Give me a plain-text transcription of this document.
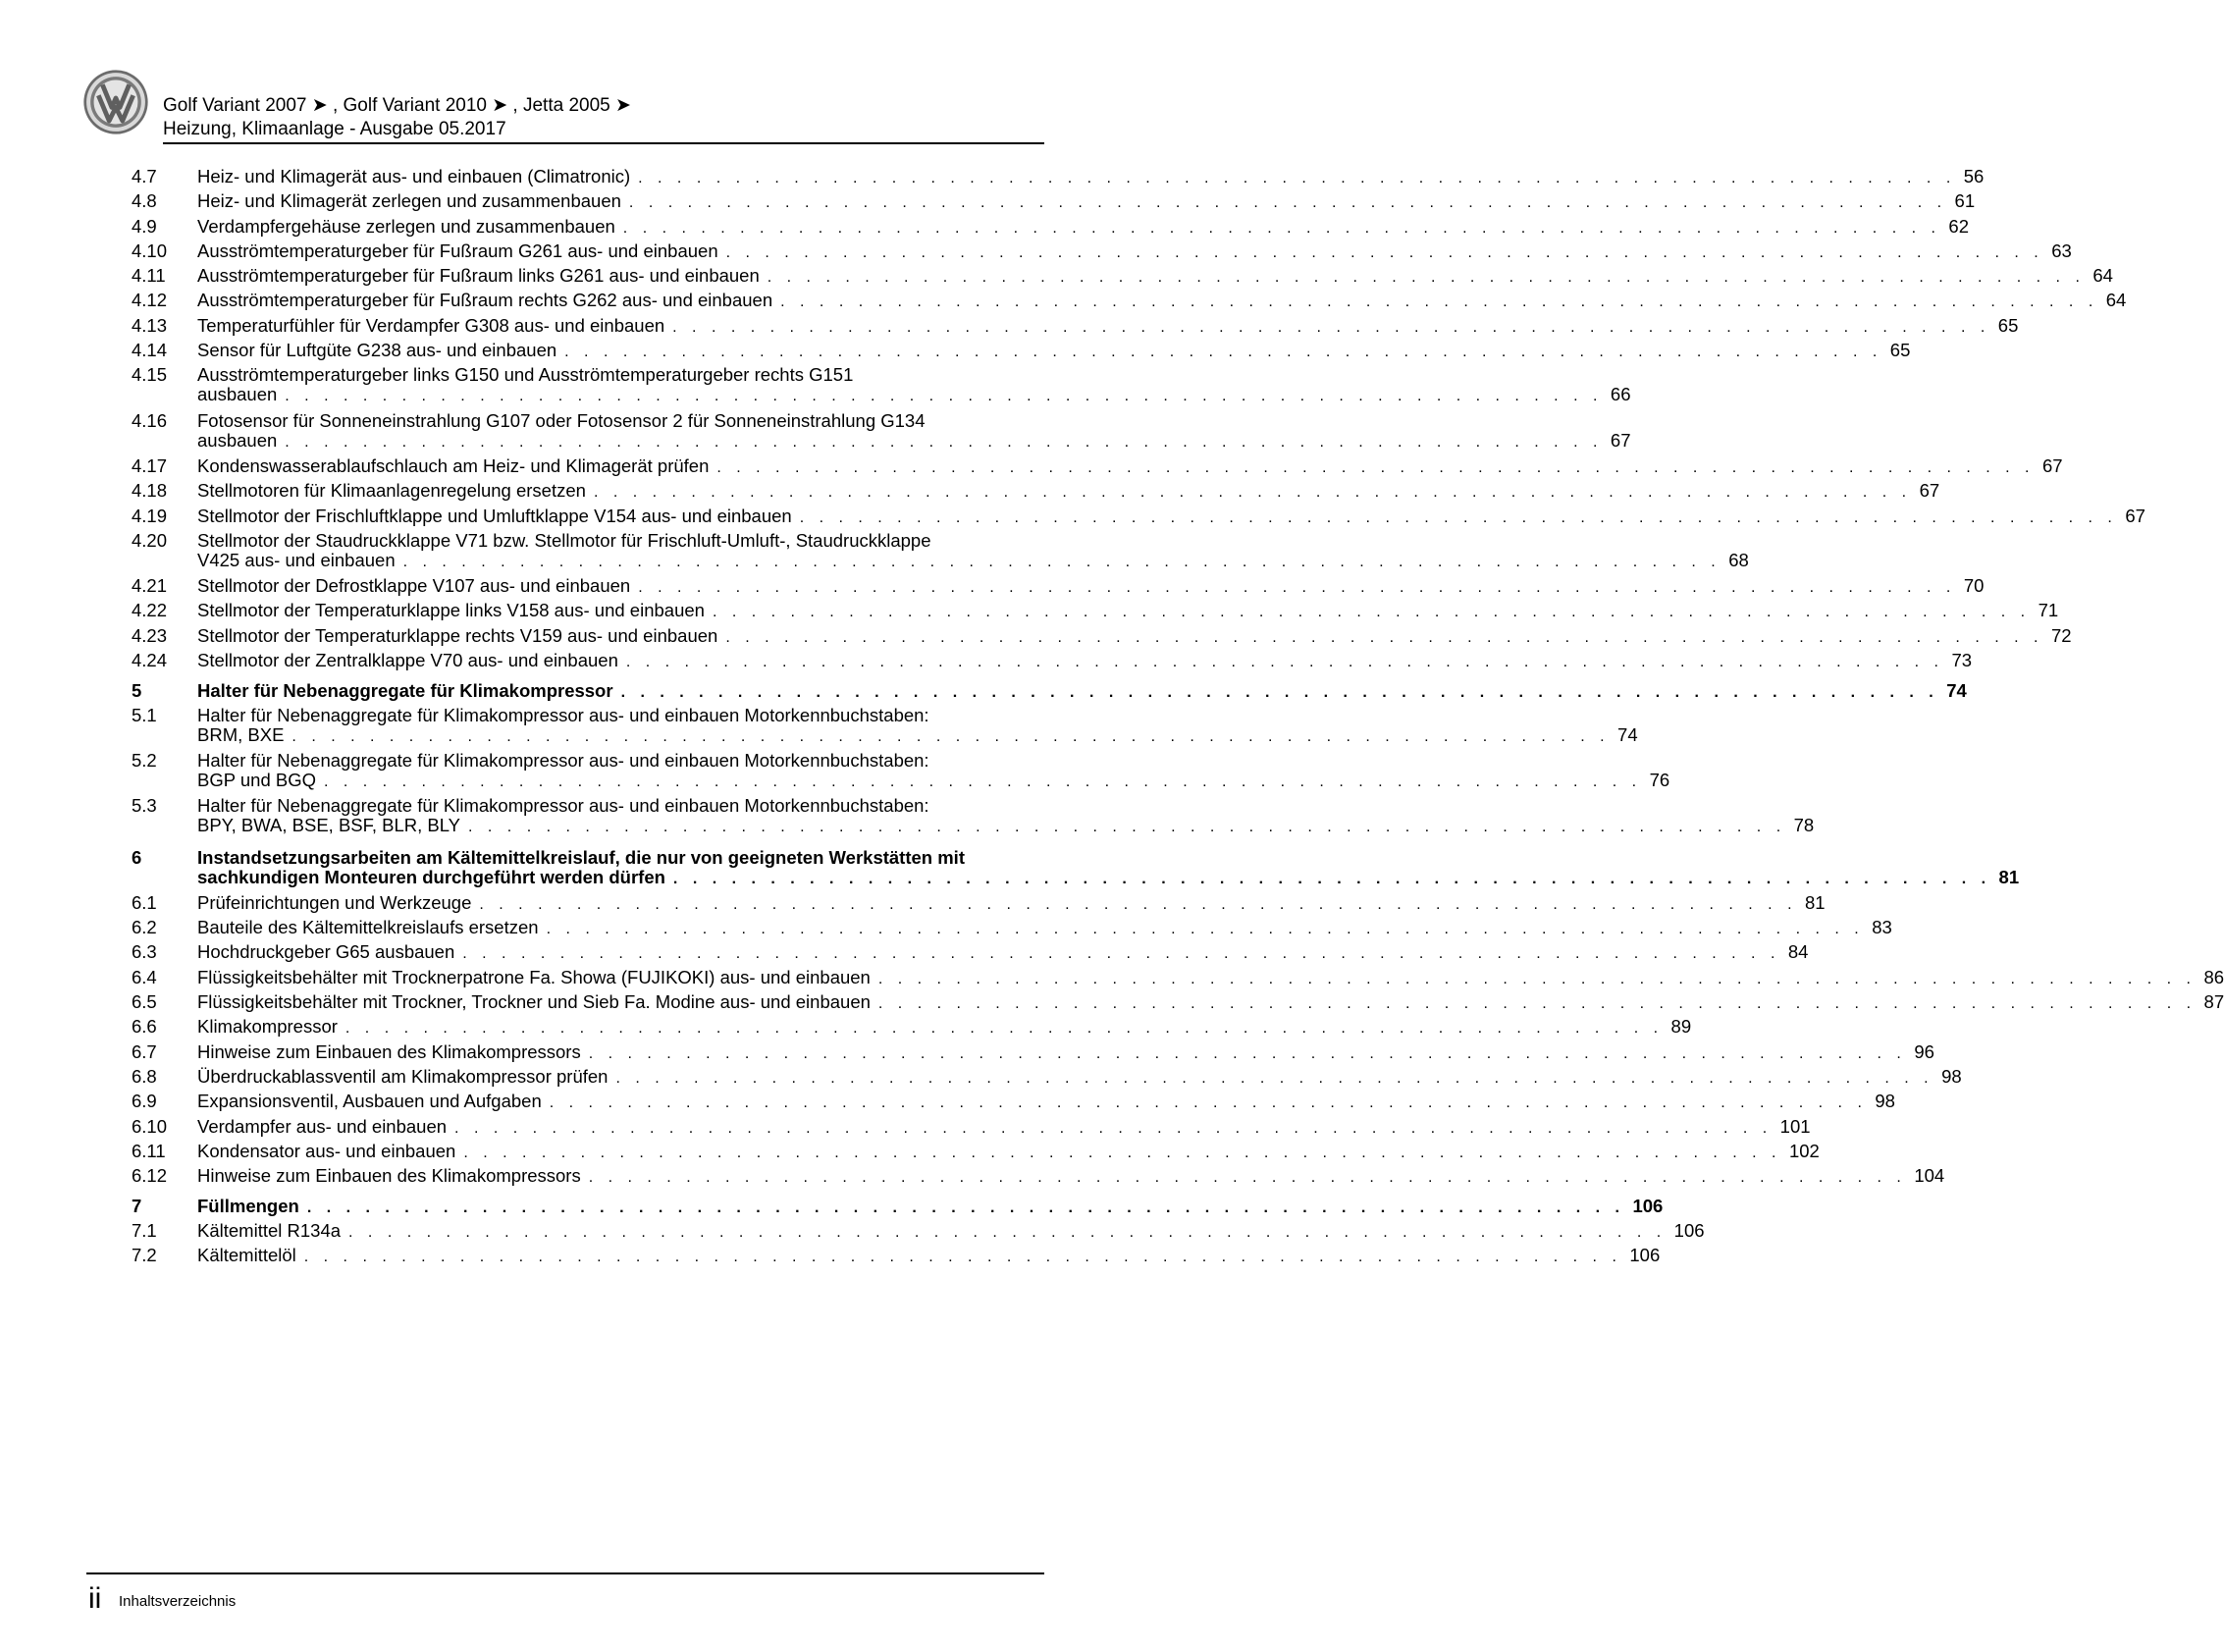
Golf Variant 2007 ➤ , Golf Variant 2010 ➤ , Jetta 2005 ➤
Heizung, Klimaanlage - Ausgabe 05.2017
4.7 Heiz- und Klimagerät aus- und einbauen (Climatronic) . . . . . . . . . . . . . . . . . . . . . . . . . . . . . . . . . . . . . . . . . . . . . . . . . . . . . . . . . . . . . . . . . . . . 56
4.8 Heiz- und Klimagerät zerlegen und zusammenbauen . . . . . . . . . . . . . . . . . . . . . . . . . . . . . . . . . . . . . . . . . . . . . . . . . . . . . . . . . . . . . . . . . . . . 61
4.9 Verdampfergehäuse zerlegen und zusammenbauen . . . . . . . . . . . . . . . . . . . . . . . . . . . . . . . . . . . . . . . . . . . . . . . . . . . . . . . . . . . . . . . . . . . . 62
4.10 Ausströmtemperaturgeber für Fußraum G261 aus- und einbauen . . . . . . . . . . . . . . . . . . . . . . . . . . . . . . . . . . . . . . . . . . . . . . . . . . . . . . . . . . . . . . . . . . . . 63
4.11 Ausströmtemperaturgeber für Fußraum links G261 aus- und einbauen . . . . . . . . . . . . . . . . . . . . . . . . . . . . . . . . . . . . . . . . . . . . . . . . . . . . . . . . . . . . . . . . . . . . 64
4.12 Ausströmtemperaturgeber für Fußraum rechts G262 aus- und einbauen . . . . . . . . . . . . . . . . . . . . . . . . . . . . . . . . . . . . . . . . . . . . . . . . . . . . . . . . . . . . . . . . . . . . 64
4.13 Temperaturfühler für Verdampfer G308 aus- und einbauen . . . . . . . . . . . . . . . . . . . . . . . . . . . . . . . . . . . . . . . . . . . . . . . . . . . . . . . . . . . . . . . . . . . . 65
4.14 Sensor für Luftgüte G238 aus- und einbauen . . . . . . . . . . . . . . . . . . . . . . . . . . . . . . . . . . . . . . . . . . . . . . . . . . . . . . . . . . . . . . . . . . . . 65
4.15 Ausströmtemperaturgeber links G150 und Ausströmtemperaturgeber rechts G151
ausbauen . . . . . . . . . . . . . . . . . . . . . . . . . . . . . . . . . . . . . . . . . . . . . . . . . . . . . . . . . . . . . . . . . . . . 66
4.16 Fotosensor für Sonneneinstrahlung G107 oder Fotosensor 2 für Sonneneinstrahlung G134
ausbauen . . . . . . . . . . . . . . . . . . . . . . . . . . . . . . . . . . . . . . . . . . . . . . . . . . . . . . . . . . . . . . . . . . . . 67
4.17 Kondenswasserablaufschlauch am Heiz- und Klimagerät prüfen . . . . . . . . . . . . . . . . . . . . . . . . . . . . . . . . . . . . . . . . . . . . . . . . . . . . . . . . . . . . . . . . . . . . 67
4.18 Stellmotoren für Klimaanlagenregelung ersetzen . . . . . . . . . . . . . . . . . . . . . . . . . . . . . . . . . . . . . . . . . . . . . . . . . . . . . . . . . . . . . . . . . . . . 67
4.19 Stellmotor der Frischluftklappe und Umluftklappe V154 aus- und einbauen . . . . . . . . . . . . . . . . . . . . . . . . . . . . . . . . . . . . . . . . . . . . . . . . . . . . . . . . . . . . . . . . . . . . 67
4.20 Stellmotor der Staudruckklappe V71 bzw. Stellmotor für Frischluft-Umluft-, Staudruckklappe
V425 aus- und einbauen . . . . . . . . . . . . . . . . . . . . . . . . . . . . . . . . . . . . . . . . . . . . . . . . . . . . . . . . . . . . . . . . . . . . 68
4.21 Stellmotor der Defrostklappe V107 aus- und einbauen . . . . . . . . . . . . . . . . . . . . . . . . . . . . . . . . . . . . . . . . . . . . . . . . . . . . . . . . . . . . . . . . . . . . 70
4.22 Stellmotor der Temperaturklappe links V158 aus- und einbauen . . . . . . . . . . . . . . . . . . . . . . . . . . . . . . . . . . . . . . . . . . . . . . . . . . . . . . . . . . . . . . . . . . . . 71
4.23 Stellmotor der Temperaturklappe rechts V159 aus- und einbauen . . . . . . . . . . . . . . . . . . . . . . . . . . . . . . . . . . . . . . . . . . . . . . . . . . . . . . . . . . . . . . . . . . . . 72
4.24 Stellmotor der Zentralklappe V70 aus- und einbauen . . . . . . . . . . . . . . . . . . . . . . . . . . . . . . . . . . . . . . . . . . . . . . . . . . . . . . . . . . . . . . . . . . . . 73
5	Halter für Nebenaggregate für Klimakompressor . . . . . . . . . . . . . . . . . . . . . . . . . . . . . . . . . . . . . . . . . . . . . . . . . . . . . . . . . . . . . . . . . . . . 74
5.1 Halter für Nebenaggregate für Klimakompressor aus- und einbauen Motorkennbuchstaben:
BRM, BXE . . . . . . . . . . . . . . . . . . . . . . . . . . . . . . . . . . . . . . . . . . . . . . . . . . . . . . . . . . . . . . . . . . . . 74
5.2 Halter für Nebenaggregate für Klimakompressor aus- und einbauen Motorkennbuchstaben:
BGP und BGQ . . . . . . . . . . . . . . . . . . . . . . . . . . . . . . . . . . . . . . . . . . . . . . . . . . . . . . . . . . . . . . . . . . . . 76
5.3 Halter für Nebenaggregate für Klimakompressor aus- und einbauen Motorkennbuchstaben:
BPY, BWA, BSE, BSF, BLR, BLY . . . . . . . . . . . . . . . . . . . . . . . . . . . . . . . . . . . . . . . . . . . . . . . . . . . . . . . . . . . . . . . . . . . . 78
6	Instandsetzungsarbeiten am Kältemittelkreislauf, die nur von geeigneten Werkstätten mit
sachkundigen Monteuren durchgeführt werden dürfen . . . . . . . . . . . . . . . . . . . . . . . . . . . . . . . . . . . . . . . . . . . . . . . . . . . . . . . . . . . . . . . . . . . . 81
6.1 Prüfeinrichtungen und Werkzeuge . . . . . . . . . . . . . . . . . . . . . . . . . . . . . . . . . . . . . . . . . . . . . . . . . . . . . . . . . . . . . . . . . . . . 81
6.2 Bauteile des Kältemittelkreislaufs ersetzen . . . . . . . . . . . . . . . . . . . . . . . . . . . . . . . . . . . . . . . . . . . . . . . . . . . . . . . . . . . . . . . . . . . . 83
6.3 Hochdruckgeber G65 ausbauen . . . . . . . . . . . . . . . . . . . . . . . . . . . . . . . . . . . . . . . . . . . . . . . . . . . . . . . . . . . . . . . . . . . . 84
6.4 Flüssigkeitsbehälter mit Trocknerpatrone Fa. Showa (FUJIKOKI) aus- und einbauen . . . . . . . . . . . . . . . . . . . . . . . . . . . . . . . . . . . . . . . . . . . . . . . . . . . . . . . . . . . . . . . . . . . . 86
6.5 Flüssigkeitsbehälter mit Trockner, Trockner und Sieb Fa. Modine aus- und einbauen . . . . . . . . . . . . . . . . . . . . . . . . . . . . . . . . . . . . . . . . . . . . . . . . . . . . . . . . . . . . . . . . . . . . 87
6.6 Klimakompressor . . . . . . . . . . . . . . . . . . . . . . . . . . . . . . . . . . . . . . . . . . . . . . . . . . . . . . . . . . . . . . . . . . . . 89
6.7 Hinweise zum Einbauen des Klimakompressors . . . . . . . . . . . . . . . . . . . . . . . . . . . . . . . . . . . . . . . . . . . . . . . . . . . . . . . . . . . . . . . . . . . . 96
6.8 Überdruckablassventil am Klimakompressor prüfen . . . . . . . . . . . . . . . . . . . . . . . . . . . . . . . . . . . . . . . . . . . . . . . . . . . . . . . . . . . . . . . . . . . . 98
6.9 Expansionsventil, Ausbauen und Aufgaben . . . . . . . . . . . . . . . . . . . . . . . . . . . . . . . . . . . . . . . . . . . . . . . . . . . . . . . . . . . . . . . . . . . . 98
6.10 Verdampfer aus- und einbauen . . . . . . . . . . . . . . . . . . . . . . . . . . . . . . . . . . . . . . . . . . . . . . . . . . . . . . . . . . . . . . . . . . . . 101
6.11 Kondensator aus- und einbauen . . . . . . . . . . . . . . . . . . . . . . . . . . . . . . . . . . . . . . . . . . . . . . . . . . . . . . . . . . . . . . . . . . . . 102
6.12 Hinweise zum Einbauen des Klimakompressors . . . . . . . . . . . . . . . . . . . . . . . . . . . . . . . . . . . . . . . . . . . . . . . . . . . . . . . . . . . . . . . . . . . . 104
7	Füllmengen . . . . . . . . . . . . . . . . . . . . . . . . . . . . . . . . . . . . . . . . . . . . . . . . . . . . . . . . . . . . . . . . . . . . 106
7.1 Kältemittel R134a . . . . . . . . . . . . . . . . . . . . . . . . . . . . . . . . . . . . . . . . . . . . . . . . . . . . . . . . . . . . . . . . . . . . 106
7.2 Kältemittelöl . . . . . . . . . . . . . . . . . . . . . . . . . . . . . . . . . . . . . . . . . . . . . . . . . . . . . . . . . . . . . . . . . . . . 106
ii Inhaltsverzeichnis
